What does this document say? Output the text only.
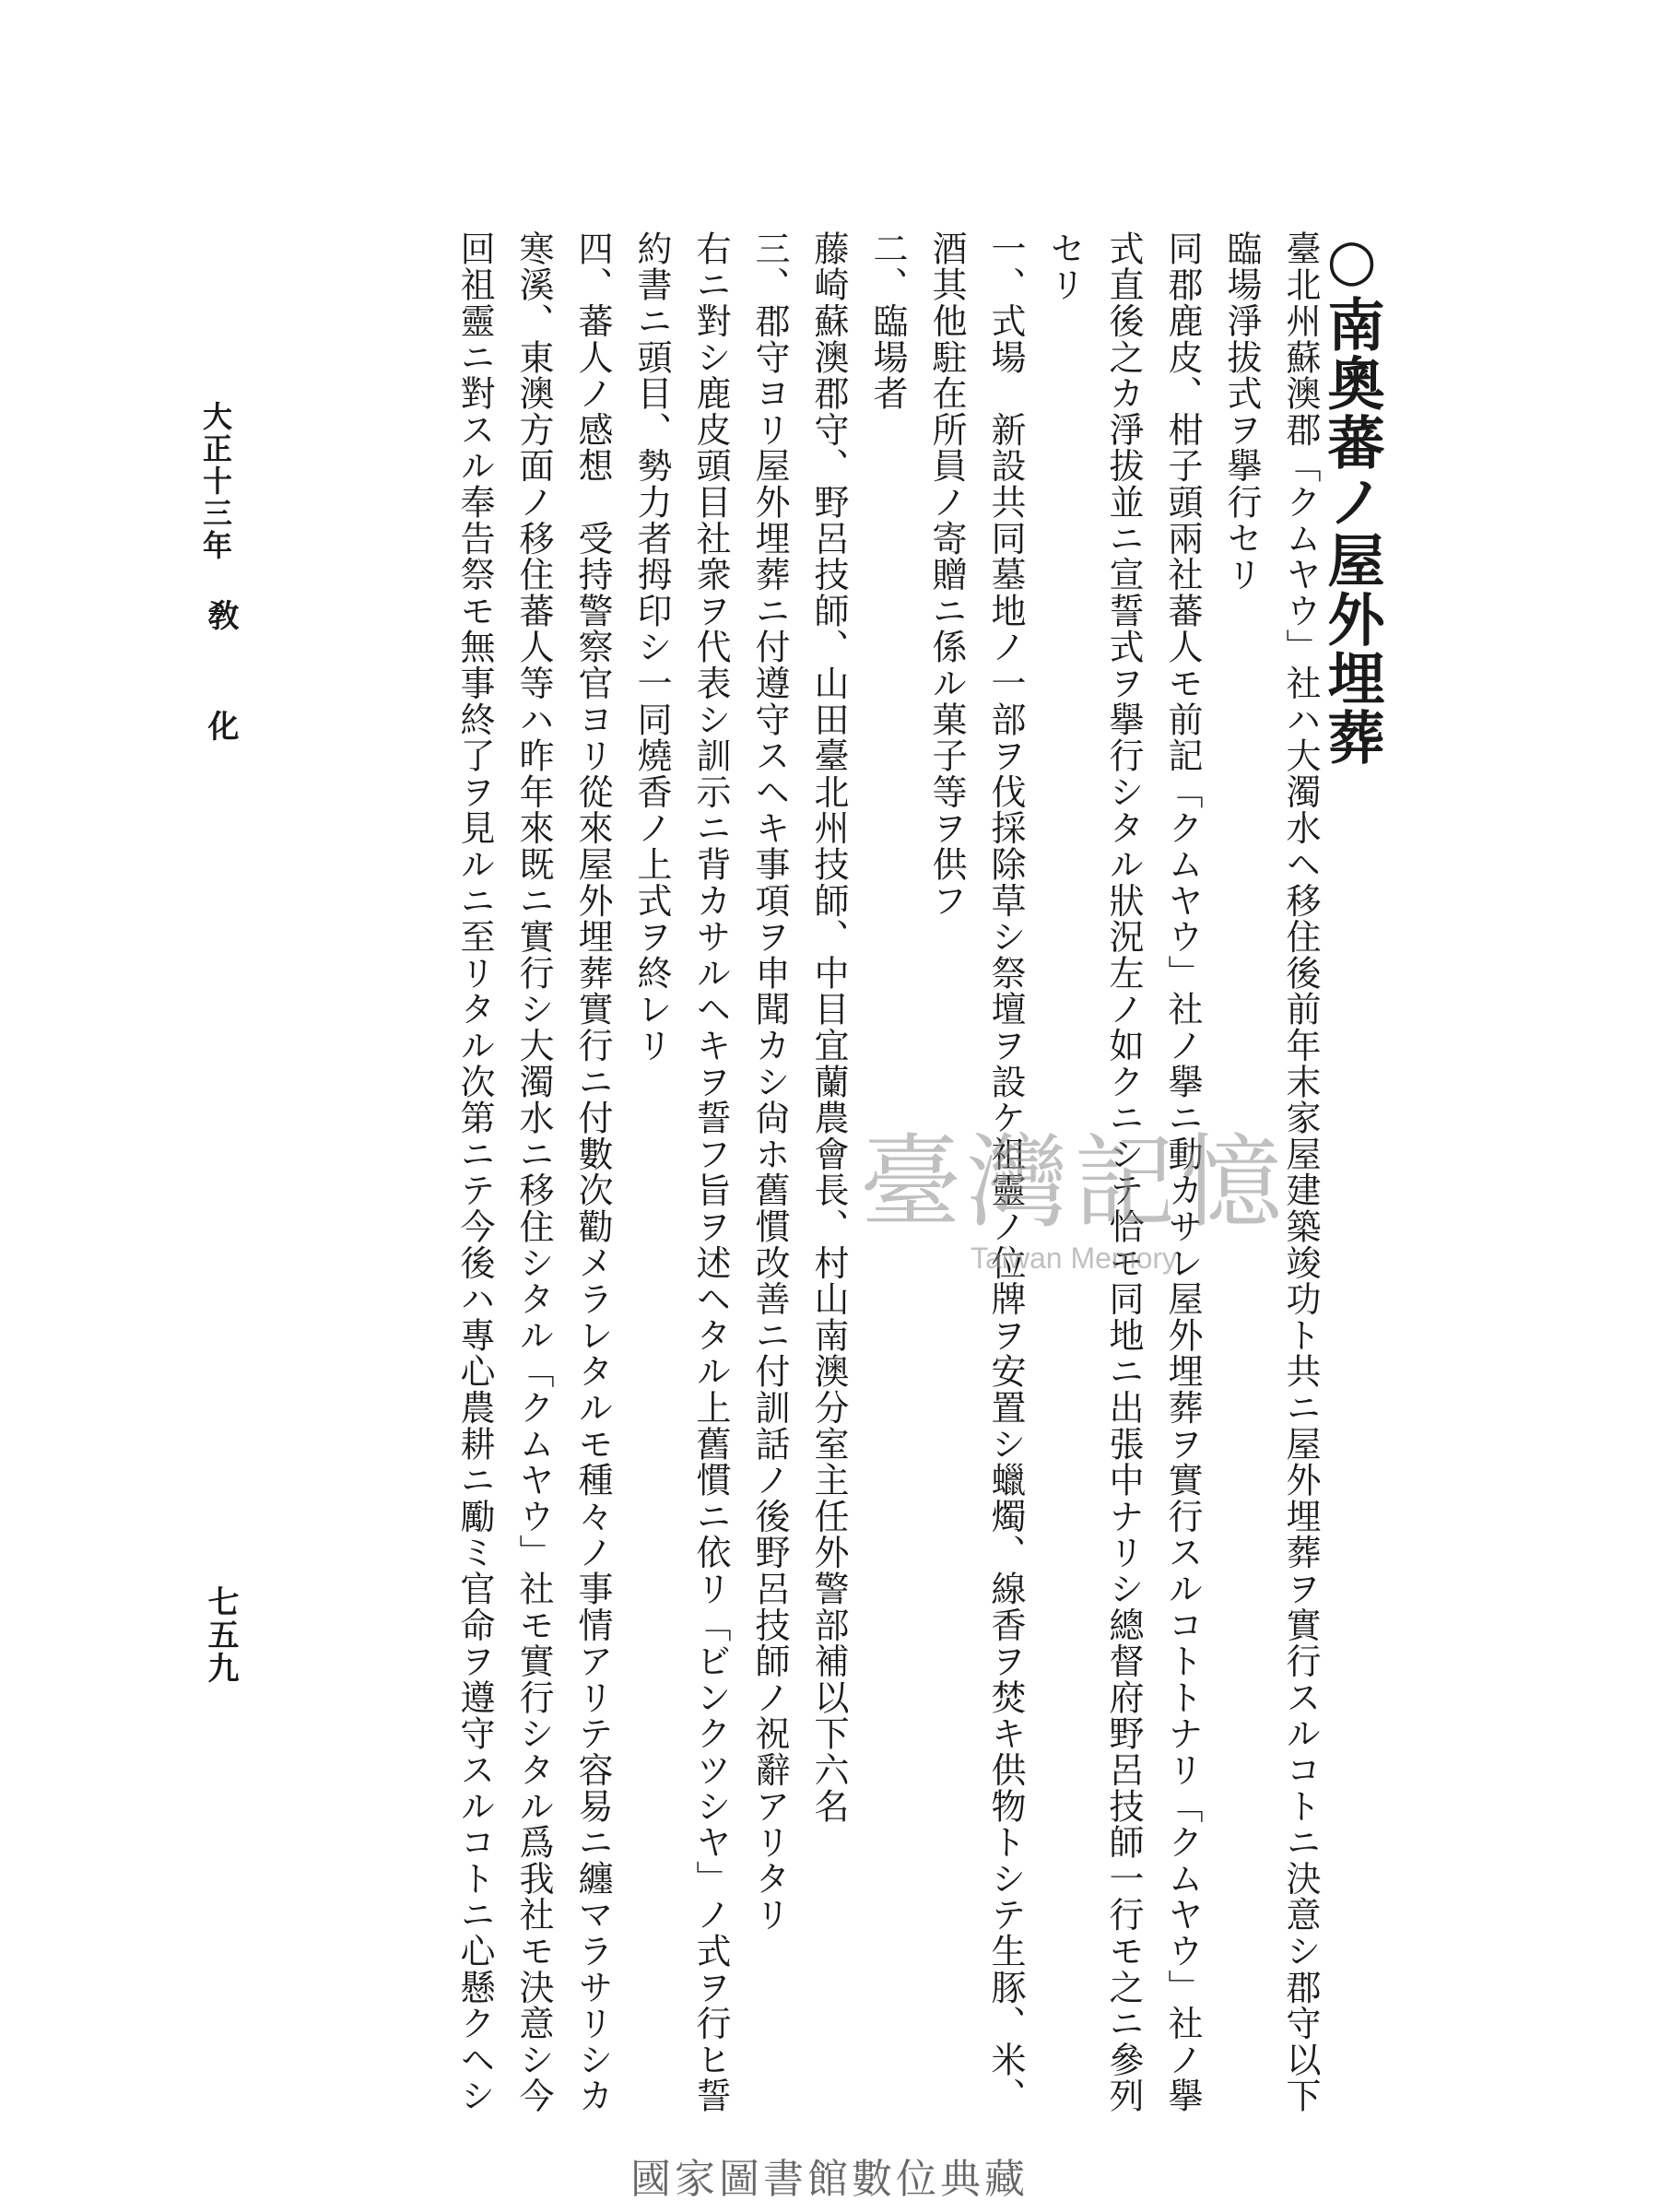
○南奧蕃ノ屋外埋葬
臺北州蘇澳郡「クムヤウ」社ハ大濁水ヘ移住後前年末家屋建築竣功ト共ニ屋外埋葬ヲ實行スルコトニ決意シ郡守以下
臨場淨拔式ヲ擧行セリ
同郡鹿皮、柑子頭兩社蕃人モ前記「クムヤウ」社ノ擧ニ動カサレ屋外埋葬ヲ實行スルコトトナリ「クムヤウ」社ノ擧
式直後之カ淨拔並ニ宣誓式ヲ擧行シタル狀況左ノ如クニシテ恰モ同地ニ出張中ナリシ總督府野呂技師一行モ之ニ參列
セリ
一、式場　新設共同墓地ノ一部ヲ伐採除草シ祭壇ヲ設ケ祖靈ノ位牌ヲ安置シ蠟燭、線香ヲ焚キ供物トシテ生豚、米、
酒其他駐在所員ノ寄贈ニ係ル菓子等ヲ供フ
二、臨場者
藤崎蘇澳郡守、野呂技師、山田臺北州技師、中目宜蘭農會長、村山南澳分室主任外警部補以下六名
三、郡守ヨリ屋外埋葬ニ付遵守スヘキ事項ヲ申聞カシ尙ホ舊慣改善ニ付訓話ノ後野呂技師ノ祝辭アリタリ
右ニ對シ鹿皮頭目社衆ヲ代表シ訓示ニ背カサルヘキヲ誓フ旨ヲ述ヘタル上舊慣ニ依リ「ビンクツシヤ」ノ式ヲ行ヒ誓
約書ニ頭目、勢力者拇印シ一同燒香ノ上式ヲ終レリ
四、蕃人ノ感想　受持警察官ヨリ從來屋外埋葬實行ニ付數次勸メラレタルモ種々ノ事情アリテ容易ニ纏マラサリシカ
寒溪、東澳方面ノ移住蕃人等ハ昨年來既ニ實行シ大濁水ニ移住シタル「クムヤウ」社モ實行シタル爲我社モ決意シ今
回祖靈ニ對スル奉告祭モ無事終了ヲ見ルニ至リタル次第ニテ今後ハ專心農耕ニ勵ミ官命ヲ遵守スルコトニ心懸クヘシ
大正十三年
敎
化
七五九
臺灣記憶
Taiwan Memory
國家圖書館數位典藏
